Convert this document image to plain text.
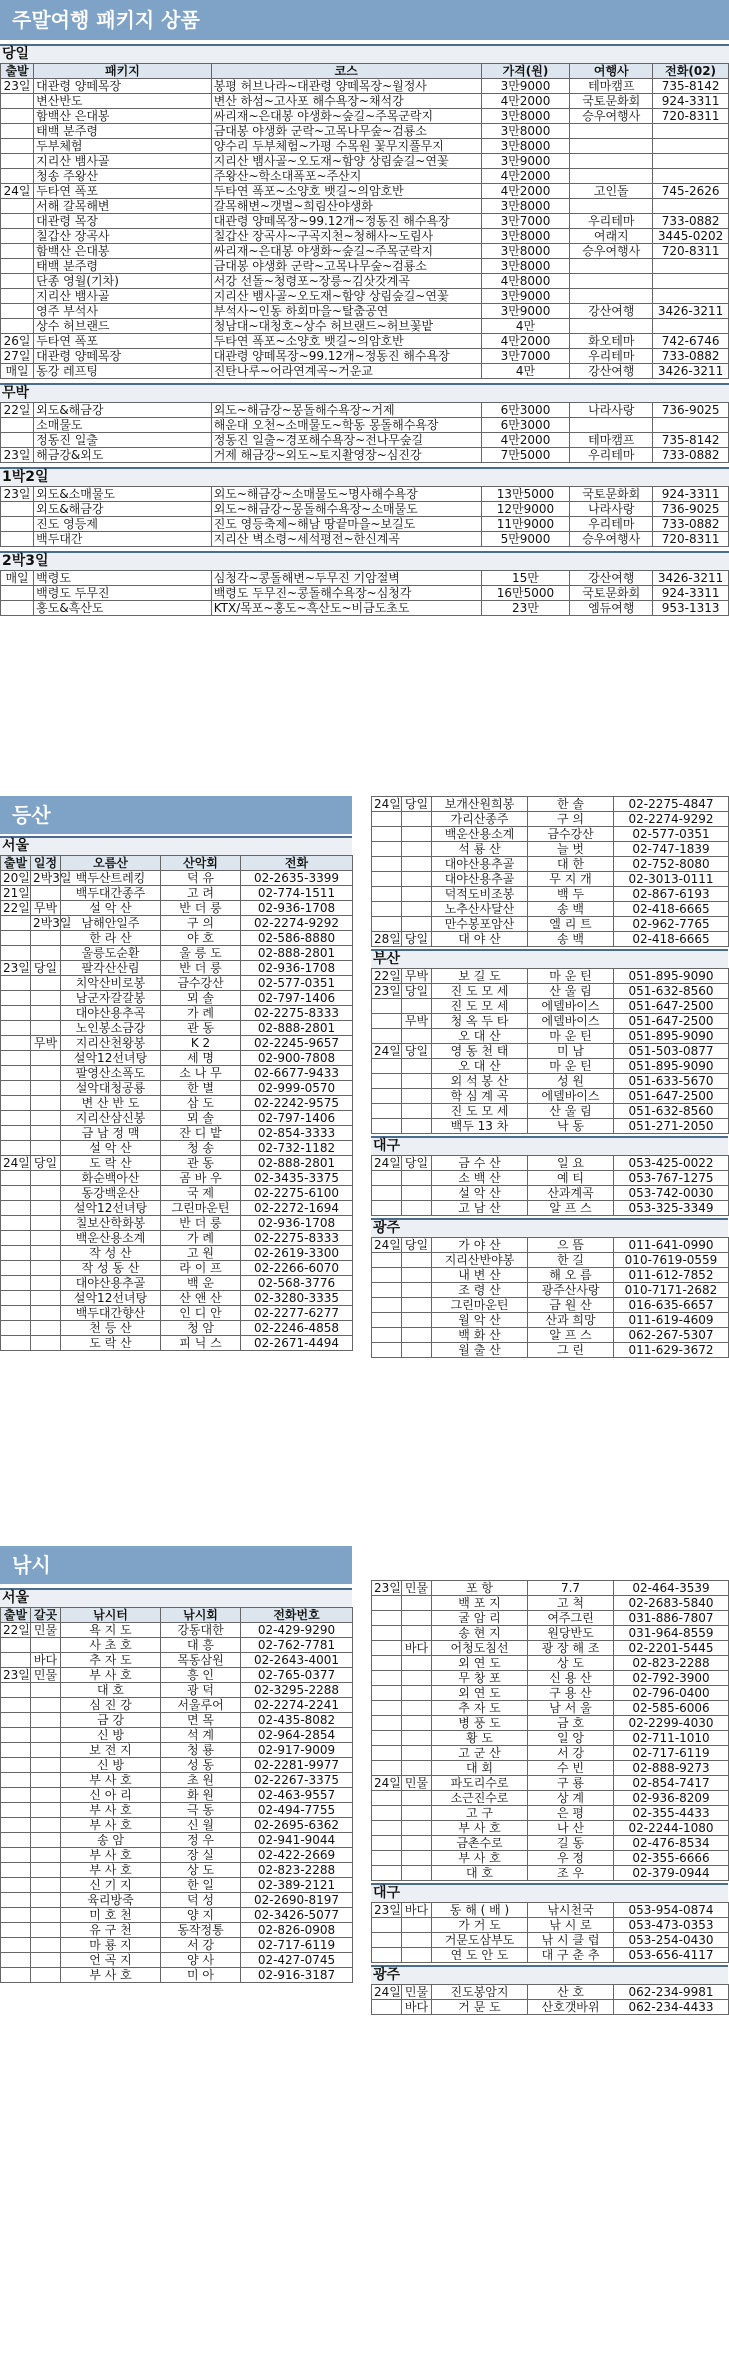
주말여행 패키지 상품
당일
출발	패키지	코스	가격(원)	여행사	전화(02)
23일	대관령 양떼목장	봉평 허브나라~대관령 양떼목장~월정사	3만9000	테마캠프	735-8142
	변산반도	변산 하섬~고사포 해수욕장~채석강	4만2000	국토문화회	924-3311
	함백산 은대봉	싸리재~은대봉 야생화~숲길~주목군락지	3만8000	승우여행사	720-8311
	태백 분주령	금대봉 야생화 군락~고목나무숲~검룡소	3만8000		
	두부체험	양수리 두부체험~가평 수목원 꽃무지풀무지	3만8000		
	지리산 뱀사골	지리산 뱀사골~오도재~함양 상림숲길~연꽃	3만9000		
	청송 주왕산	주왕산~학소대폭포~주산지	4만2000		
24일	두타연 폭포	두타연 폭포~소양호 뱃길~의암호반	4만2000	고인돌	745-2626
	서해 갈목해변	갈목해변~갯벌~희림산야생화	3만8000		
	대관령 목장	대관령 양떼목장~99.12개~정동진 해수욕장	3만7000	우리테마	733-0882
	칠갑산 장곡사	칠갑산 장곡사~구곡지천~청해사~도림사	3만8000	여래지	3445-0202
	함백산 은대봉	싸리재~은대봉 야생화~숲길~주목군락지	3만8000	승우여행사	720-8311
	태백 분주령	금대봉 야생화 군락~고목나무숲~검룡소	3만8000		
	단종 영월(기차)	서강 선돌~청령포~장릉~김삿갓계곡	4만8000		
	지리산 뱀사골	지리산 뱀사골~오도재~함양 상림숲길~연꽃	3만9000		
	영주 부석사	부석사~인동 하회마을~탈춤공연	3만9000	강산여행	3426-3211
	상수 허브랜드	청남대~대청호~상수 허브랜드~허브꽃밭	4만		
26일	두타연 폭포	두타연 폭포~소양호 뱃길~의암호반	4만2000	화오테마	742-6746
27일	대관령 양떼목장	대관령 양떼목장~99.12개~정동진 해수욕장	3만7000	우리테마	733-0882
매일	동강 레프팅	진탄나루~어라연계곡~거운교	4만	강산여행	3426-3211
무박
22일	외도&해금강	외도~해금강~몽돌해수욕장~거제	6만3000	나라사랑	736-9025
	소매물도	해운대 오천~소매물도~학동 몽돌해수욕장	6만3000		
	정동진 일출	정동진 일출~경포해수욕장~전나무숲길	4만2000	테마캠프	735-8142
23일	해금강&외도	거제 해금강~외도~토지촬영장~심진강	7만5000	우리테마	733-0882
1박2일
23일	외도&소매물도	외도~해금강~소매물도~명사해수욕장	13만5000	국토문화회	924-3311
	외도&해금강	외도~해금강~몽돌해수욕장~소매물도	12만9000	나라사랑	736-9025
	진도 영등제	진도 영등축제~해남 땅끝마을~보길도	11만9000	우리테마	733-0882
	백두대간	지리산 벽소령~세석평전~한신계곡	5만9000	승우여행사	720-8311
2박3일
매일	백령도	심청각~콩돌해변~두무진 기암절벽	15만	강산여행	3426-3211
	백령도 두무진	백령도 두무진~콩돌해수욕장~심청각	16만5000	국토문화회	924-3311
	홍도&흑산도	KTX/목포~홍도~흑산도~비금도초도	23만	엠듀여행	953-1313
등산
서울
출발	일정	오름산	산악회	전화
20일	2박3일	백두산트레킹	덕 유	02-2635-3399
21일		백두대간종주	고 려	02-774-1511
22일	무박	설 악 산	반 더 룽	02-936-1708
	2박3일	남해안일주	구 의	02-2274-9292
		한 라 산	야 호	02-586-8880
		울릉도순환	울 릉 도	02-888-2801
23일	당일	팔각산산림	반 더 룽	02-936-1708
		치악산비로봉	금수강산	02-577-0351
		남군자갈갈봉	뫼 솔	02-797-1406
		대야산용추곡	가 례	02-2275-8333
		노인봉소금강	관 동	02-888-2801
	무박	지리산천왕봉	K 2	02-2245-9657
		설악12선녀탕	세 명	02-900-7808
		팔영산소폭도	소 나 무	02-6677-9433
		설악대청공룡	한 별	02-999-0570
		변 산 반 도	삼 도	02-2242-9575
		지리산삼신봉	뫼 솔	02-797-1406
		금 남 정 맥	잔 디 밭	02-854-3333
		설 악 산	청 송	02-732-1182
24일	당일	도 락 산	관 동	02-888-2801
		화순백아산	곰 바 우	02-3435-3375
		동강백운산	국 제	02-2275-6100
		설악12선녀탕	그린마운틴	02-2272-1694
		칠보산학화봉	반 더 룽	02-936-1708
		백운산용소계	가 례	02-2275-8333
		작 성 산	고 원	02-2619-3300
		작 성 동 산	라 이 프	02-2266-6070
		대야산용추골	백 운	02-568-3776
		설악12선녀탕	산 앤 산	02-3280-3335
		백두대간향산	인 디 안	02-2277-6277
		천 등 산	청 암	02-2246-4858
		도 락 산	피 닉 스	02-2671-4494
24일	당일	보개산원희봉	한 솔	02-2275-4847
		가리산종주	구 의	02-2274-9292
		백운산용소계	금수강산	02-577-0351
		석 룡 산	늘 벗	02-747-1839
		대야산용추골	대 한	02-752-8080
		대야산용추골	무 지 개	02-3013-0111
		덕적도비조봉	백 두	02-867-6193
		노추산사달산	송 백	02-418-6665
		만수봉포암산	엘 리 트	02-962-7765
28일	당일	대 야 산	송 백	02-418-6665
부산
22일	무박	보 길 도	마 운 틴	051-895-9090
23일	당일	진 도 모 세	산 울 림	051-632-8560
		진 도 모 세	에델바이스	051-647-2500
	무박	청 옥 두 타	에델바이스	051-647-2500
		오 대 산	마 운 틴	051-895-9090
24일	당일	영 동 천 태	미 남	051-503-0877
		오 대 산	마 운 틴	051-895-9090
		외 석 봉 산	성 원	051-633-5670
		학 심 계 곡	에델바이스	051-647-2500
		진 도 모 세	산 울 림	051-632-8560
		백두 13 차	낙 동	051-271-2050
대구
24일	당일	금 수 산	일 요	053-425-0022
		소 백 산	예 티	053-767-1275
		설 악 산	산과계곡	053-742-0030
		고 남 산	알 프 스	053-325-3349
광주
24일	당일	가 야 산	으 뜸	011-641-0990
		지리산반야봉	한 길	010-7619-0559
		내 변 산	해 오 름	011-612-7852
		조 령 산	광주산사랑	010-7171-2682
		그린마운틴	금 원 산	016-635-6657
		월 악 산	산과 희망	011-619-4609
		백 화 산	알 프 스	062-267-5307
		월 출 산	그 린	011-629-3672
낚시
서울
출발	갈곳	낚시터	낚시회	전화번호
22일	민물	욕 지 도	강동대한	02-429-9290
		사 초 호	대 흥	02-762-7781
	바다	추 자 도	목동삼원	02-2643-4001
23일	민물	부 사 호	흥 인	02-765-0377
		대 호	광 덕	02-3295-2288
		심 진 강	서울루어	02-2274-2241
		금 강	면 목	02-435-8082
		신 방	석 계	02-964-2854
		보 전 지	청 룡	02-917-9009
		신 방	성 동	02-2281-9977
		부 사 호	초 원	02-2267-3375
		신 아 리	화 원	02-463-9557
		부 사 호	극 동	02-494-7755
		부 사 호	신 월	02-2695-6362
		송 암	정 우	02-941-9044
		부 사 호	장 실	02-422-2669
		부 사 호	상 도	02-823-2288
		신 기 지	한 일	02-389-2121
		육리방죽	덕 성	02-2690-8197
		미 호 천	양 지	02-3426-5077
		유 구 천	동작정통	02-826-0908
		마 룡 지	서 강	02-717-6119
		언 곡 지	양 사	02-427-0745
		부 사 호	미 아	02-916-3187
23일	민물	포 항	7.7	02-464-3539
		백 포 지	고 척	02-2683-5840
		굴 암 리	여주그린	031-886-7807
		송 현 지	원당반도	031-964-8559
	바다	어청도침선	광 장 해 조	02-2201-5445
		외 연 도	상 도	02-823-2288
		무 창 포	신 용 산	02-792-3900
		외 연 도	구 용 산	02-796-0400
		추 자 도	남 서 울	02-585-6006
		병 풍 도	금 호	02-2299-4030
		황 도	일 앙	02-711-1010
		고 군 산	서 강	02-717-6119
		대 회	수 빈	02-888-9273
24일	민물	파도리수로	구 룡	02-854-7417
		소근진수로	상 계	02-936-8209
		고 구	은 평	02-355-4433
		부 사 호	나 산	02-2244-1080
		금촌수로	길 동	02-476-8534
		부 사 호	우 정	02-355-6666
		대 호	조 우	02-379-0944
대구
23일	바다	동 해 ( 배 )	낚시천국	053-954-0874
		가 거 도	낚 시 로	053-473-0353
		거문도삼부도	낚 시 클 럽	053-254-0430
		연 도 안 도	대 구 춘 추	053-656-4117
광주
24일	민물	진도봉암지	산 호	062-234-9981
	바다	거 문 도	산호갯바위	062-234-4433
